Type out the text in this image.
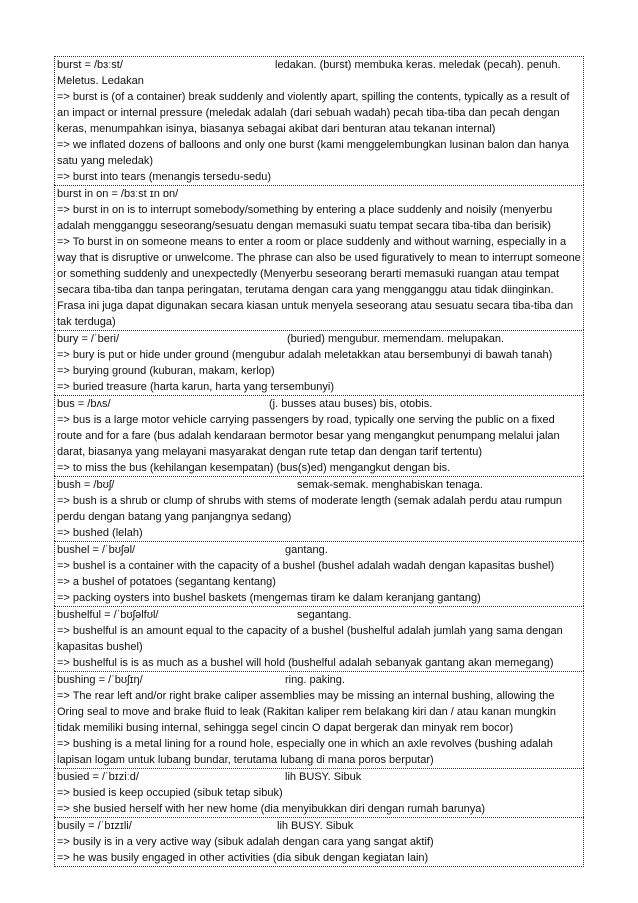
burst = /bɜːst/	ledakan. (burst) membuka keras. meledak (pecah). penuh.
Meletus. Ledakan
=> burst is (of a container) break suddenly and violently apart, spilling the contents, typically as a result of an impact or internal pressure (meledak adalah (dari sebuah wadah) pecah tiba-tiba dan pecah dengan keras, menumpahkan isinya, biasanya sebagai akibat dari benturan atau tekanan internal)
=> we inflated dozens of balloons and only one burst (kami menggelembungkan lusinan balon dan hanya satu yang meledak)
=> burst into tears (menangis tersedu-sedu)
burst in on = /bɜːst ɪn ɒn/
=> burst in on is to interrupt somebody/something by entering a place suddenly and noisily (menyerbu adalah mengganggu seseorang/sesuatu dengan memasuki suatu tempat secara tiba-tiba dan berisik)
=> To burst in on someone means to enter a room or place suddenly and without warning, especially in a way that is disruptive or unwelcome. The phrase can also be used figuratively to mean to interrupt someone or something suddenly and unexpectedly (Menyerbu seseorang berarti memasuki ruangan atau tempat secara tiba-tiba dan tanpa peringatan, terutama dengan cara yang mengganggu atau tidak diinginkan. Frasa ini juga dapat digunakan secara kiasan untuk menyela seseorang atau sesuatu secara tiba-tiba dan tak terduga)
bury = /ˈberi/	(buried) mengubur. memendam. melupakan.
=> bury is put or hide under ground (mengubur adalah meletakkan atau bersembunyi di bawah tanah)
=> burying ground (kuburan, makam, kerlop)
=> buried treasure (harta karun, harta yang tersembunyi)
bus = /bʌs/	(j. busses atau buses) bis, otobis.
=> bus is a large motor vehicle carrying passengers by road, typically one serving the public on a fixed route and for a fare (bus adalah kendaraan bermotor besar yang mengangkut penumpang melalui jalan darat, biasanya yang melayani masyarakat dengan rute tetap dan dengan tarif tertentu)
=> to miss the bus (kehilangan kesempatan) (bus(s)ed) mengangkut dengan bis.
bush = /bʊʃ/	semak-semak. menghabiskan tenaga.
=> bush is a shrub or clump of shrubs with stems of moderate length (semak adalah perdu atau rumpun perdu dengan batang yang panjangnya sedang)
=> bushed (lelah)
bushel = /ˈbʊʃəl/	gantang.
=> bushel is a container with the capacity of a bushel (bushel adalah wadah dengan kapasitas bushel)
=> a bushel of potatoes (segantang kentang)
=> packing oysters into bushel baskets (mengemas tiram ke dalam keranjang gantang)
bushelful = /ˈbʊʃəlfʊl/	segantang.
=> bushelful is an amount equal to the capacity of a bushel (bushelful adalah jumlah yang sama dengan kapasitas bushel)
=> bushelful is is as much as a bushel will hold (bushelful adalah sebanyak gantang akan memegang)
bushing = /ˈbʊʃɪŋ/	ring. paking.
=> The rear left and/or right brake caliper assemblies may be missing an internal bushing, allowing the Oring seal to move and brake fluid to leak (Rakitan kaliper rem belakang kiri dan / atau kanan mungkin tidak memiliki busing internal, sehingga segel cincin O dapat bergerak dan minyak rem bocor)
=> bushing is a metal lining for a round hole, especially one in which an axle revolves (bushing adalah lapisan logam untuk lubang bundar, terutama lubang di mana poros berputar)
busied = /ˈbɪziːd/	lih BUSY. Sibuk
=> busied is keep occupied (sibuk tetap sibuk)
=> she busied herself with her new home (dia menyibukkan diri dengan rumah barunya)
busily = /ˈbɪzɪli/	lih BUSY. Sibuk
=> busily is in a very active way (sibuk adalah dengan cara yang sangat aktif)
=> he was busily engaged in other activities (dia sibuk dengan kegiatan lain)
